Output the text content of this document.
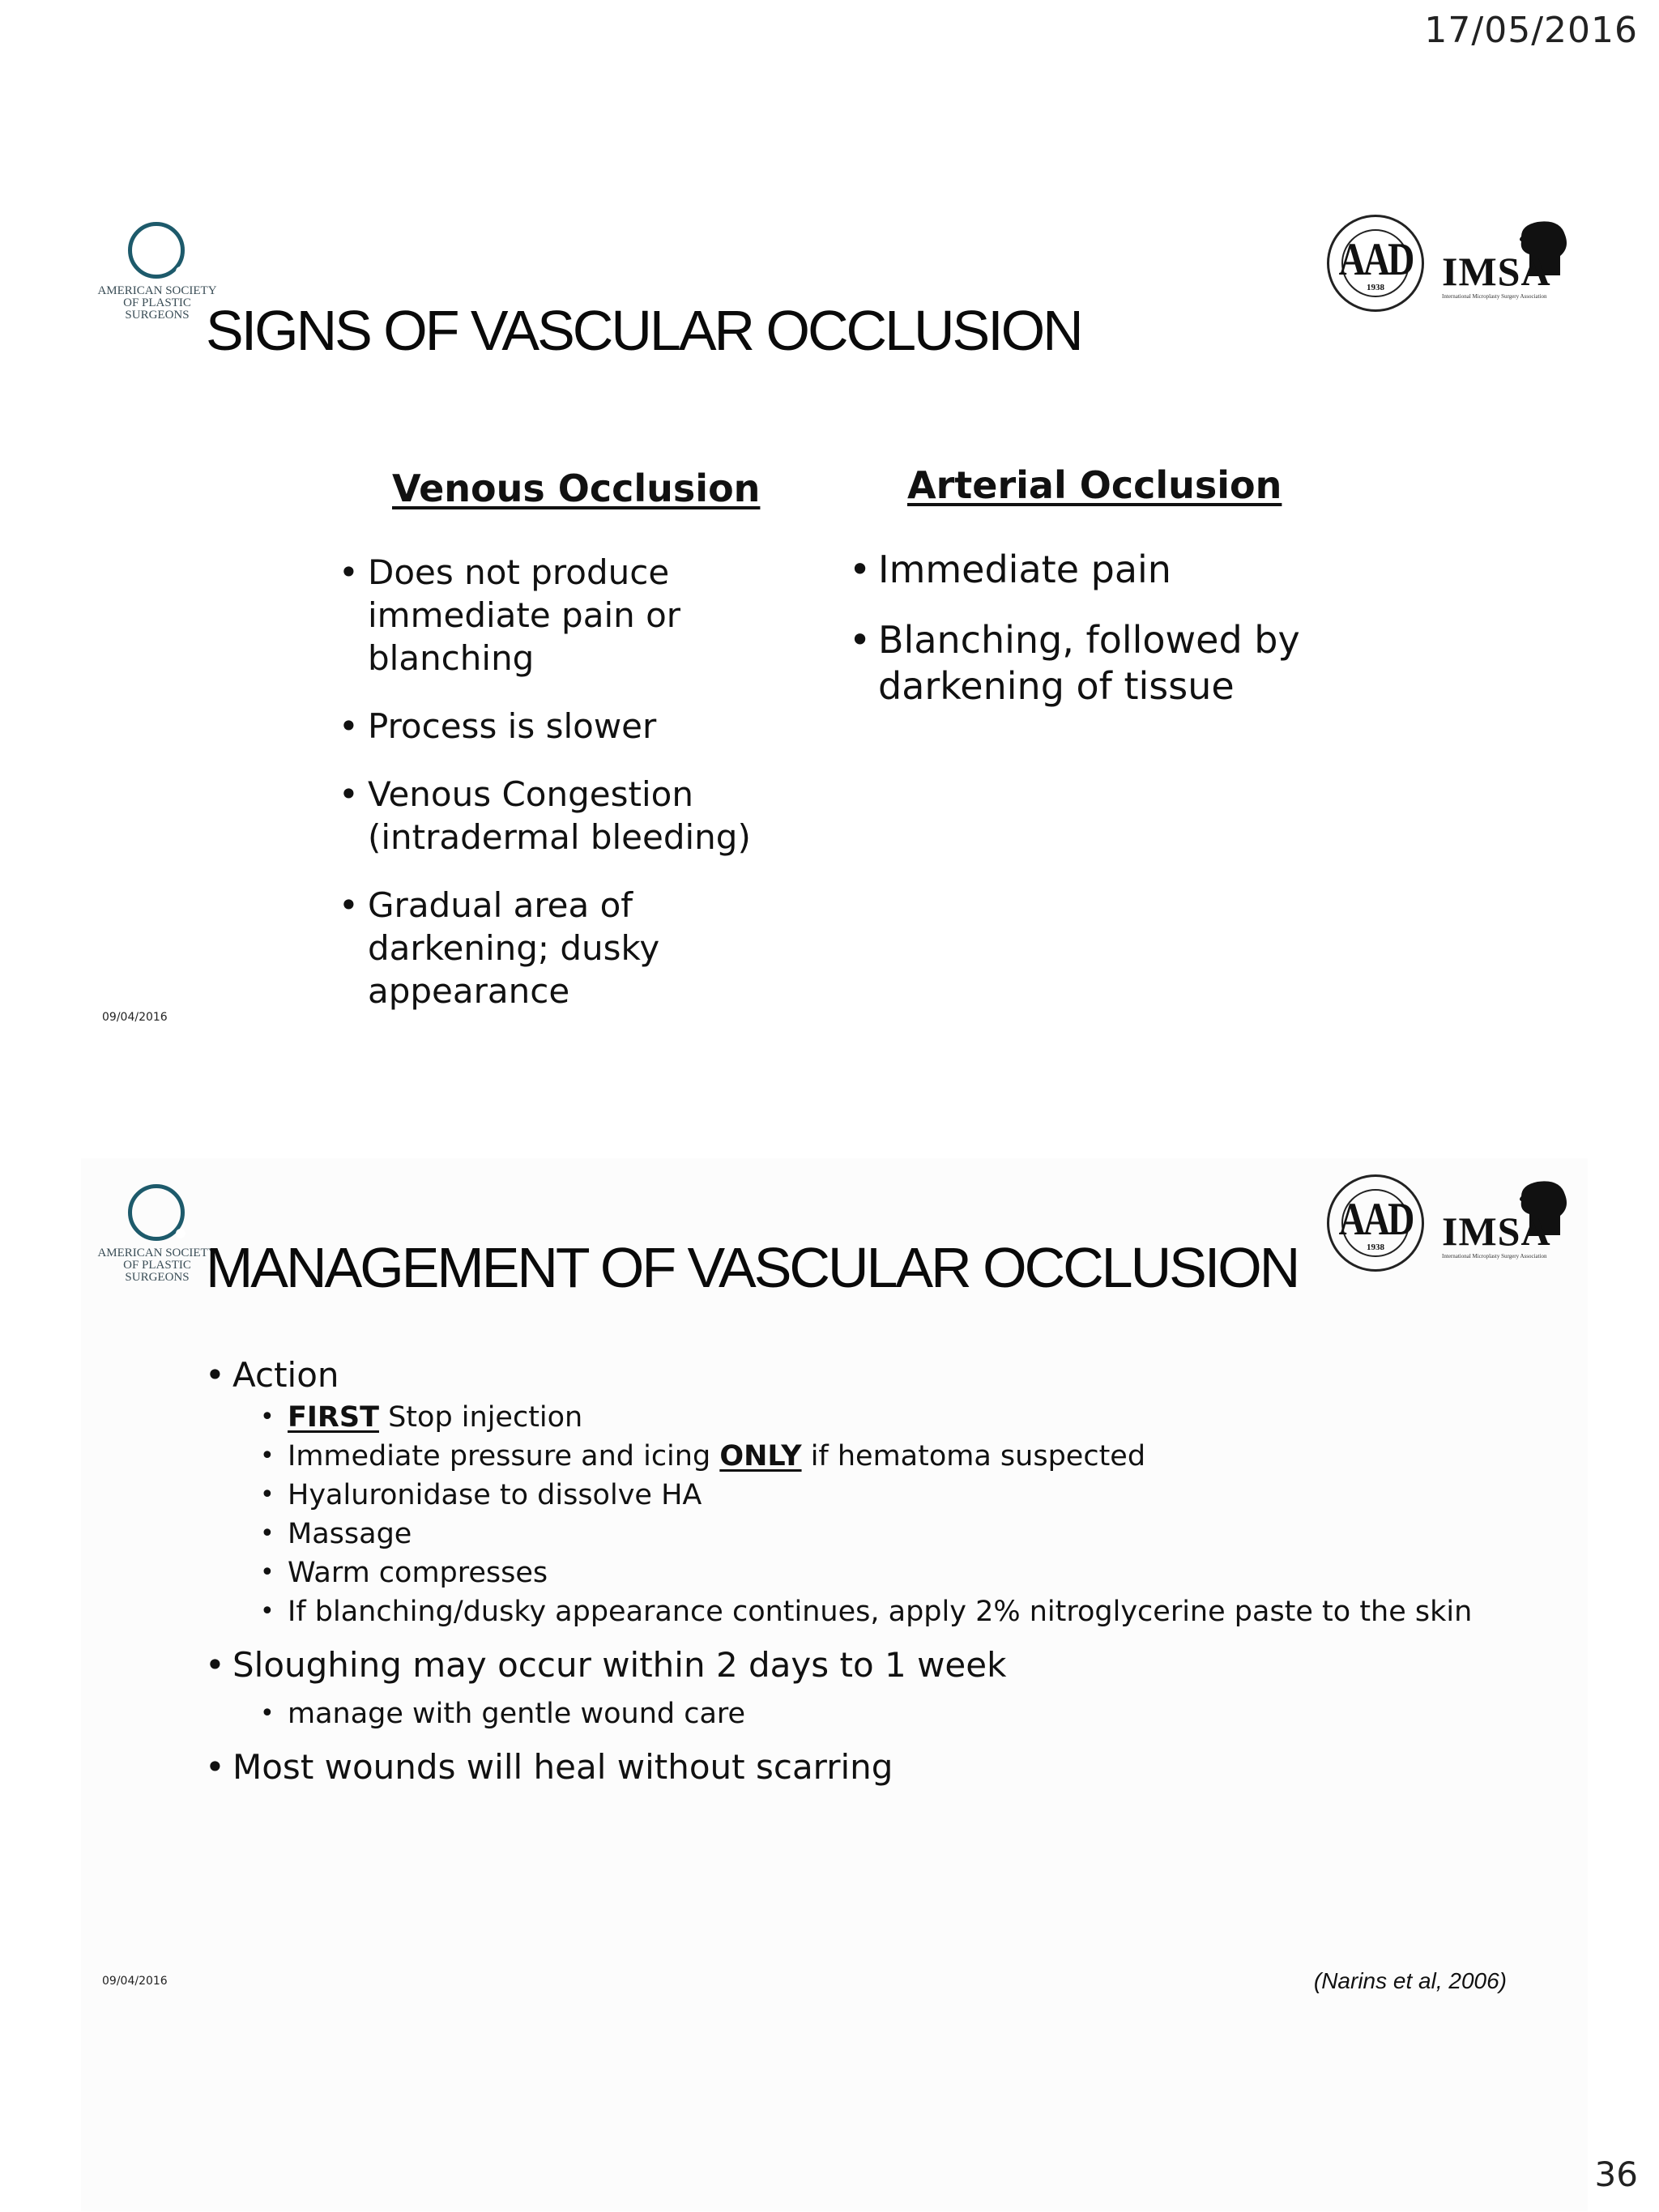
17/05/2016
AMERICAN SOCIETY OF PLASTIC SURGEONS
AAD
1938	IMSA
International Microplasty Surgery Association
SIGNS OF VASCULAR OCCLUSION
Venous Occlusion
• Does not produce immediate pain or blanching
• Process is slower
• Venous Congestion (intradermal bleeding)
• Gradual area of darkening; dusky appearance
Arterial Occlusion
• Immediate pain
• Blanching, followed by darkening of tissue
09/04/2016
AMERICAN SOCIETY OF PLASTIC SURGEONS
AAD
1938	IMSA
International Microplasty Surgery Association
MANAGEMENT OF VASCULAR OCCLUSION
• Action
• FIRST Stop injection
• Immediate pressure and icing ONLY if hematoma suspected
• Hyaluronidase to dissolve HA
• Massage
• Warm compresses
• If blanching/dusky appearance continues, apply 2% nitroglycerine paste to the skin
• Sloughing may occur within 2 days to 1 week
• manage with gentle wound care
• Most wounds will heal without scarring
09/04/2016	(Narins et al, 2006)
36
